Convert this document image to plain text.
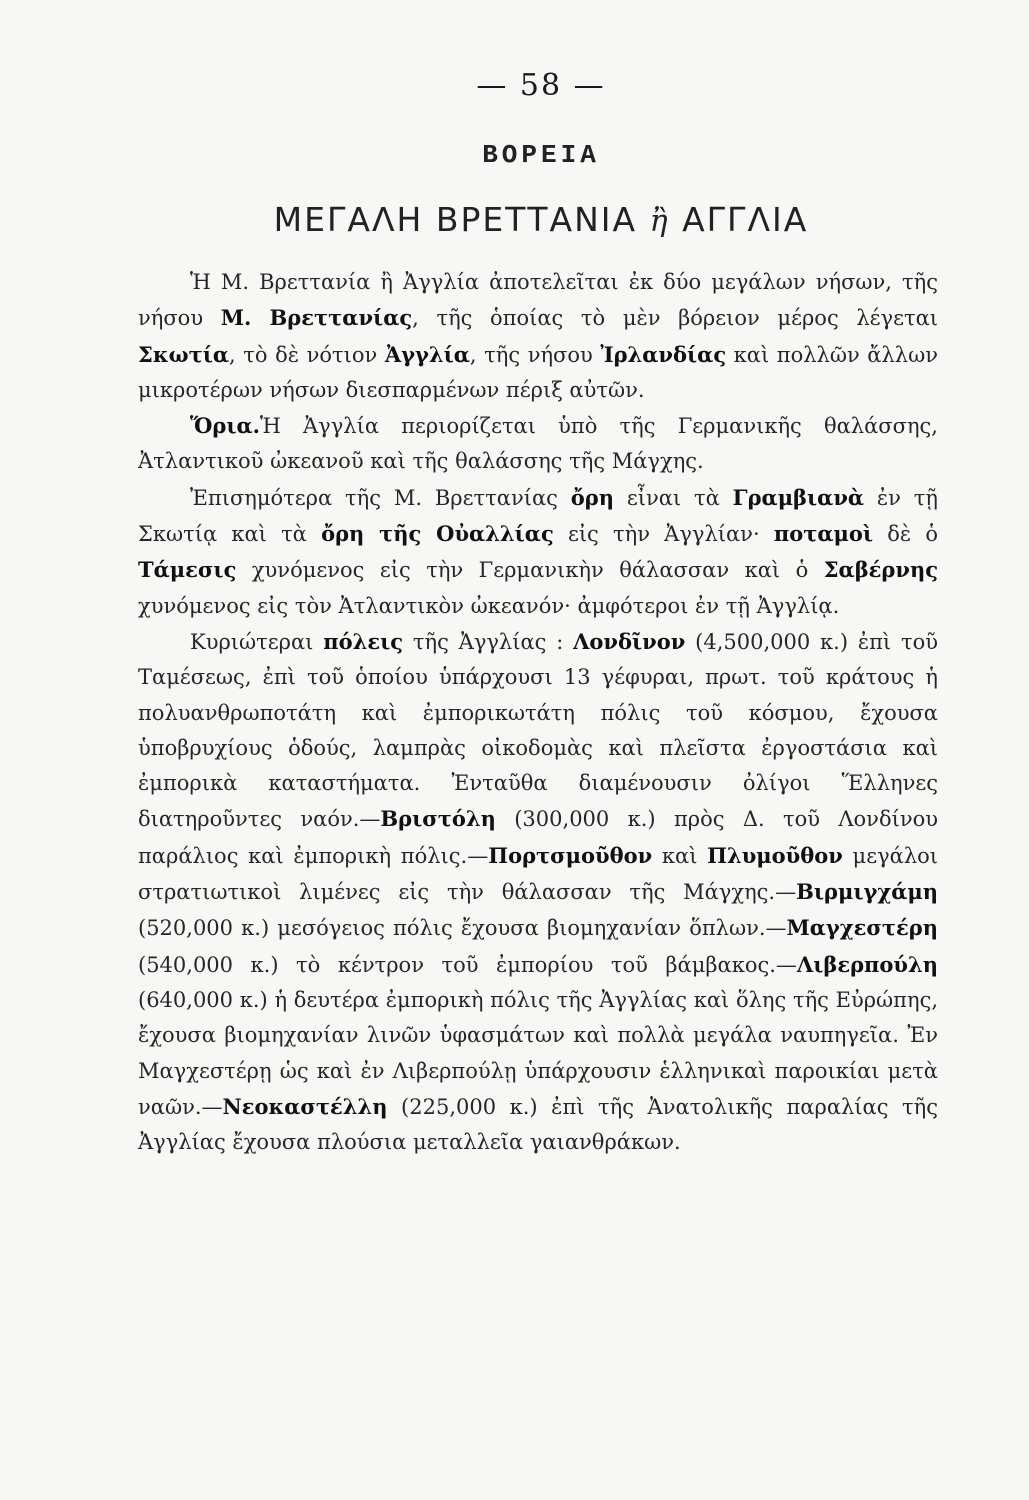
— 58 —
ΒΟΡΕΙΑ
ΜΕΓΑΛΗ ΒΡΕΤΤΑΝΙΑ ἢ ΑΓΓΛΙΑ

Ἡ Μ. Βρεττανία ἢ Ἀγγλία ἀποτελεῖται ἐκ δύο μεγάλων νήσων, τῆς νήσου Μ. Βρεττανίας, τῆς ὁποίας τὸ μὲν βόρειον μέρος λέγεται Σκωτία, τὸ δὲ νότιον Ἀγγλία, τῆς νήσου Ἰρλανδίας καὶ πολλῶν ἄλλων μικροτέρων νήσων διεσπαρμένων πέριξ αὐτῶν.

Ὅρια.Ἡ Ἀγγλία περιορίζεται ὑπὸ τῆς Γερμανικῆς θαλάσσης, Ἀτλαντικοῦ ὠκεανοῦ καὶ τῆς θαλάσσης τῆς Μάγχης.

Ἐπισημότερα τῆς Μ. Βρεττανίας ὄρη εἶναι τὰ Γραμβιανὰ ἐν τῇ Σκωτίᾳ καὶ τὰ ὄρη τῆς Οὐαλλίας εἰς τὴν Ἀγγλίαν· ποταμοὶ δὲ ὁ Τάμεσις χυνόμενος εἰς τὴν Γερμανικὴν θάλασσαν καὶ ὁ Σαβέρνης χυνόμενος εἰς τὸν Ἀτλαντικὸν ὠκεανόν· ἀμφότεροι ἐν τῇ Ἀγγλίᾳ.

Κυριώτεραι πόλεις τῆς Ἀγγλίας : Λονδῖνον (4,500,000 κ.) ἐπὶ τοῦ Ταμέσεως, ἐπὶ τοῦ ὁποίου ὑπάρχουσι 13 γέφυραι, πρωτ. τοῦ κράτους ἡ πολυανθρωποτάτη καὶ ἐμπορικωτάτη πόλις τοῦ κόσμου, ἔχουσα ὑποβρυχίους ὁδούς, λαμπρὰς οἰκοδομὰς καὶ πλεῖστα ἐργοστάσια καὶ ἐμπορικὰ καταστήματα. Ἐνταῦθα διαμένουσιν ὀλίγοι Ἕλληνες διατηροῦντες ναόν.—Βριστόλη (300,000 κ.) πρὸς Δ. τοῦ Λονδίνου παράλιος καὶ ἐμπορικὴ πόλις.—Πορτσμοῦθον καὶ Πλυμοῦθον μεγάλοι στρατιωτικοὶ λιμένες εἰς τὴν θάλασσαν τῆς Μάγχης.—Βιρμιγχάμη (520,000 κ.) μεσόγειος πόλις ἔχουσα βιομηχανίαν ὅπλων.—Μαγχεστέρη (540,000 κ.) τὸ κέντρον τοῦ ἐμπορίου τοῦ βάμβακος.—Λιβερπούλη (640,000 κ.) ἡ δευτέρα ἐμπορικὴ πόλις τῆς Ἀγγλίας καὶ ὅλης τῆς Εὐρώπης, ἔχουσα βιομηχανίαν λινῶν ὑφασμάτων καὶ πολλὰ μεγάλα ναυπηγεῖα. Ἐν Μαγχεστέρῃ ὡς καὶ ἐν Λιβερπούλῃ ὑπάρχουσιν ἑλληνικαὶ παροικίαι μετὰ ναῶν.—Νεοκαστέλλη (225,000 κ.) ἐπὶ τῆς Ἀνατολικῆς παραλίας τῆς Ἀγγλίας ἔχουσα πλούσια μεταλλεῖα γαιανθράκων.
